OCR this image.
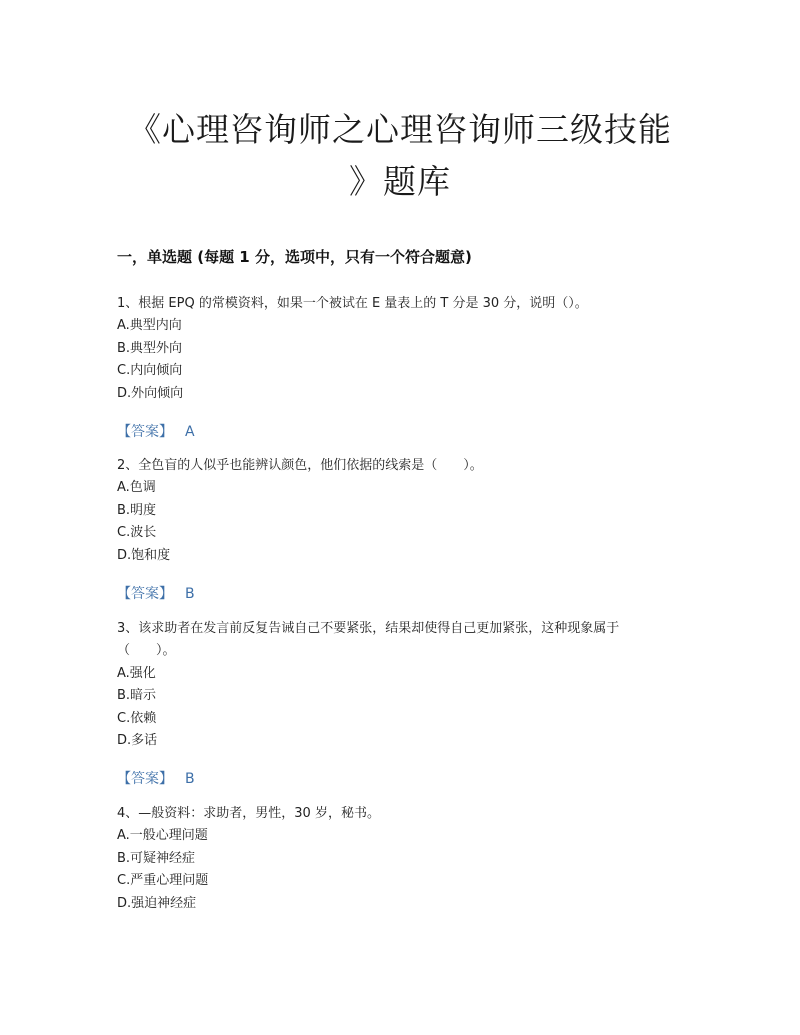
《心理咨询师之心理咨询师三级技能
》题库
一，单选题 (每题 1 分，选项中，只有一个符合题意)
1、根据 EPQ 的常模资料，如果一个被试在 E 量表上的 T 分是 30 分，说明（）。
A.典型内向
B.典型外向
C.内向倾向
D.外向倾向
【答案】 A
2、全色盲的人似乎也能辨认颜色，他们依据的线索是（　　）。
A.色调
B.明度
C.波长
D.饱和度
【答案】 B
3、该求助者在发言前反复告诫自己不要紧张，结果却使得自己更加紧张，这种现象属于
（　　）。
A.强化
B.暗示
C.依赖
D.多话
【答案】 B
4、—般资料：求助者，男性，30 岁，秘书。
A.一般心理问题
B.可疑神经症
C.严重心理问题
D.强迫神经症
